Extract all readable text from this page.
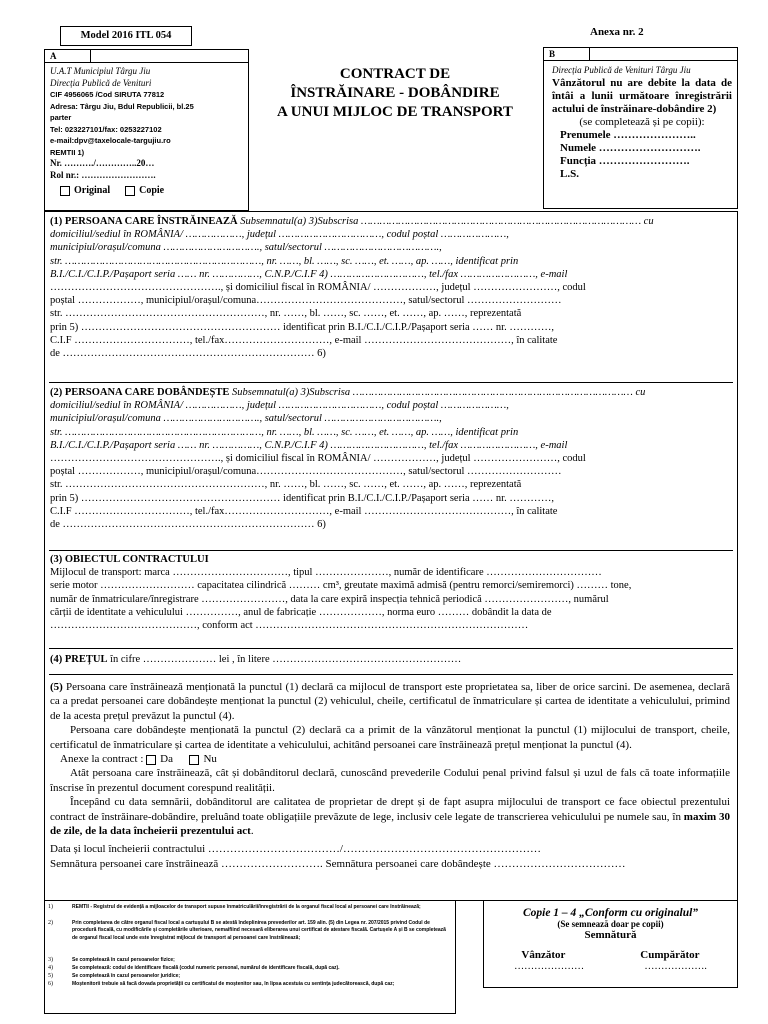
Model 2016 ITL 054	Anexa nr. 2
A
U.A.T Municipiul Târgu Jiu
Direcția Publică de Venituri
CIF 4956065 /Cod SIRUTA 77812
Adresa: Târgu Jiu, Bdul Republicii, bl.25
parter
Tel: 023227101/fax: 0253227102
e-mail:dpv@taxelocale-targujiu.ro
REMTII 1)
Nr. ………./…………..20…
Rol nr.: …………………….
Original	Copie
CONTRACT DE
ÎNSTRĂINARE - DOBÂNDIRE
A UNUI MIJLOC DE TRANSPORT
B
Direcția Publică de Venituri Târgu Jiu
Vânzătorul nu are debite la data de întâi a lunii următoare înregistrării actului de înstrăinare-dobândire 2)
(se completează și pe copii):
Prenumele …………………..
Numele ……………………….
Funcția …………………….
L.S.
(1) PERSOANA CARE ÎNSTRĂINEAZĂ Subsemnatul(a) 3)Subscrisa ……………………………………………………………………………… cu
domiciliul/sediul în ROMÂNIA/ ………………, județul ……………………………, codul poștal …………………,
municipiul/orașul/comuna …………………………., satul/sectorul ……………………………….,
str. ………………………………………………………, nr. ……, bl. ……, sc. ……, et. ……, ap. ……, identificat prin
B.I./C.I./C.I.P./Pașaport seria …… nr. ……………, C.N.P./C.I.F 4) …………………………, tel./fax ……………………, e-mail
…………………………………………., și domiciliul fiscal în ROMÂNIA/ ………………, județul ……………………, codul
poștal ………………, municipiul/orașul/comuna……………………………………, satul/sectorul ………………………
str. …………………………………………………, nr. ……, bl. ……, sc. ……, et. ……, ap. ……, reprezentată
prin 5) ………………………………………………… identificat prin B.I./C.I./C.I.P./Pașaport seria …… nr. …………,
C.I.F ……………………………, tel./fax…………………………, e-mail ……………………………………, în calitate
de ……………………………………………………………… 6)
(2) PERSOANA CARE DOBÂNDEȘTE Subsemnatul(a) 3)Subscrisa ……………………………………………………………………………… cu
domiciliul/sediul în ROMÂNIA/ ………………, județul ……………………………, codul poștal …………………,
municipiul/orașul/comuna …………………………., satul/sectorul ……………………………….,
str. ………………………………………………………, nr. ……, bl. ……, sc. ……, et. ……, ap. ……, identificat prin
B.I./C.I./C.I.P./Pașaport seria …… nr. ……………, C.N.P./C.I.F 4) …………………………, tel./fax ……………………, e-mail
…………………………………………., și domiciliul fiscal în ROMÂNIA/ ………………, județul ……………………, codul
poștal ………………, municipiul/orașul/comuna……………………………………, satul/sectorul ………………………
str. …………………………………………………, nr. ……, bl. ……, sc. ……, et. ……, ap. ……, reprezentată
prin 5) ………………………………………………… identificat prin B.I./C.I./C.I.P./Pașaport seria …… nr. …………,
C.I.F ……………………………, tel./fax…………………………, e-mail ……………………………………, în calitate
de ……………………………………………………………… 6)
(3) OBIECTUL CONTRACTULUI
Mijlocul de transport: marca ……………………………, tipul …………………, număr de identificare ……………………………
serie motor ……………………… capacitatea cilindrică ……… cm³, greutate maximă admisă (pentru remorci/semiremorci) ……… tone,
număr de înmatriculare/înregistrare ……………………, data la care expiră inspecția tehnică periodică ……………………, numărul
cărții de identitate a vehiculului ……………, anul de fabricație ………………, norma euro ……… dobândit la data de
……………………………………, conform act ……………………………………………………………………
(4) PREȚUL în cifre ………………… lei , în litere ………………………………………………
(5) Persoana care înstrăinează menționată la punctul (1) declară ca mijlocul de transport este proprietatea sa, liber de orice sarcini. De asemenea, declară ca a predat persoanei care dobândește menționat la punctul (2) vehiculul, cheile, certificatul de înmatriculare și cartea de identitate a vehiculului, primind de la acesta prețul prevăzut la punctul (4).
Persoana care dobândește menționată la punctul (2) declară ca a primit de la vânzătorul menționat la punctul (1) mijlocului de transport, cheile, certificatul de înmatriculare și cartea de identitate a vehiculului, achitând persoanei care înstrăinează prețul menționat la punctul (4).
Anexe la contract : Da	Nu
Atât persoana care înstrăinează, cât și dobânditorul declară, cunoscând prevederile Codului penal privind falsul și uzul de fals că toate informațiile înscrise în prezentul document corespund realității.
Începând cu data semnării, dobânditorul are calitatea de proprietar de drept și de fapt asupra mijlocului de transport ce face obiectul prezentului contract de înstrăinare-dobândire, preluând toate obligațiile prevăzute de lege, inclusiv cele legate de transcrierea vehiculului pe numele sau, în maxim 30 de zile, de la data încheierii prezentului act.
Data și locul încheierii contractului ………………………………/………………………………………………
Semnătura persoanei care înstrăinează ………………………. Semnătura persoanei care dobândește ………………………………
1)	REMTII - Registrul de evidență a mijloacelor de transport supuse înmatriculării/înregistrării de la organul fiscal local al persoanei care înstrăinează;
2)	Prin completarea de către organul fiscal local a cartușului B se atestă îndeplinirea prevederilor art. 159 alin. (5) din Legea nr. 207/2015 privind Codul de procedură fiscală, cu modificările și completările ulterioare, nemaifiind necesară eliberarea unui certificat de atestare fiscală. Cartușele A și B se completează de organul fiscal local unde este înregistrat mijlocul de transport al persoanei care înstrăinează;
3)	Se completează în cazul persoanelor fizice;
4)	Se completează: codul de identificare fiscală (codul numeric personal, numărul de identificare fiscală, după caz).
5)	Se completează în cazul persoanelor juridice;
6)	Moștenitorii trebuie să facă dovada proprietății cu certificatul de moștenitor sau, în lipsa acestuia cu sentința judecătorească, după caz;
Copie 1 – 4 „Conform cu originalul”
(Se semnează doar pe copii)
Semnătură
Vânzător	Cumpărător
…………………	……………….
